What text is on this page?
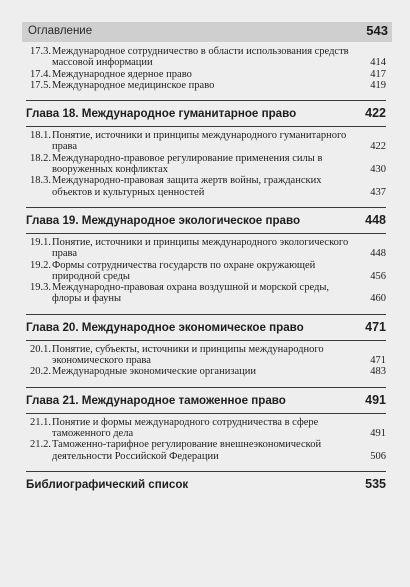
Оглавление	543
17.3. Международное сотрудничество в области использования средств массовой информации	414
17.4. Международное ядерное право	417
17.5. Международное медицинское право	419
Глава 18. Международное гуманитарное право	422
18.1. Понятие, источники и принципы международного гуманитарного права	422
18.2. Международно-правовое регулирование применения силы в вооруженных конфликтах	430
18.3. Международно-правовая защита жертв войны, гражданских объектов и культурных ценностей	437
Глава 19. Международное экологическое право	448
19.1. Понятие, источники и принципы международного экологического права	448
19.2. Формы сотрудничества государств по охране окружающей природной среды	456
19.3. Международно-правовая охрана воздушной и морской среды, флоры и фауны	460
Глава 20. Международное экономическое право	471
20.1. Понятие, субъекты, источники и принципы международного экономического права	471
20.2. Международные экономические организации	483
Глава 21. Международное таможенное право	491
21.1. Понятие и формы международного сотрудничества в сфере таможенного дела	491
21.2. Таможенно-тарифное регулирование внешнеэкономической деятельности Российской Федерации	506
Библиографический список	535
